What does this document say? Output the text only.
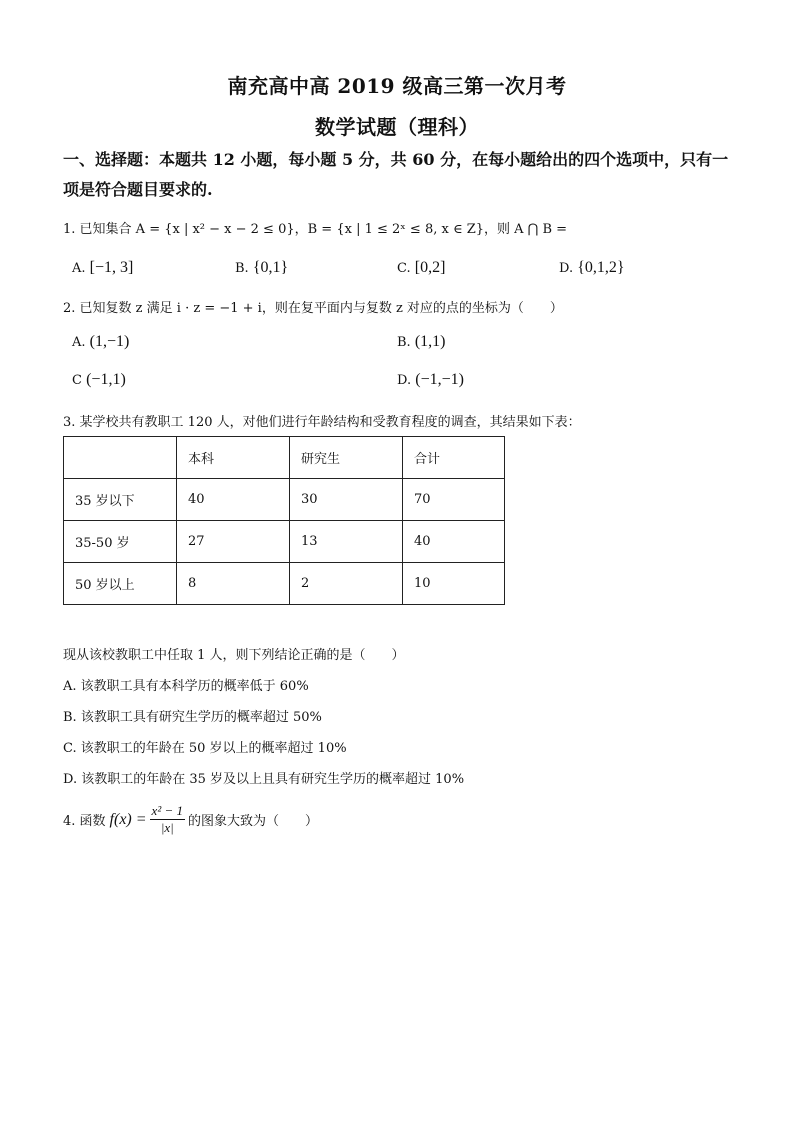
南充高中高 2019 级高三第一次月考
数学试题（理科）
一、选择题：本题共 12 小题，每小题 5 分，共 60 分，在每小题给出的四个选项中，只有一项是符合题目要求的.
1. 已知集合 A = {x | x² − x − 2 ≤ 0}，B = {x | 1 ≤ 2ˣ ≤ 8, x ∈ Z}，则 A ⋂ B =
A. [−1, 3]	B. {0,1}	C. [0,2]	D. {0,1,2}
2. 已知复数 z 满足 i · z = −1 + i，则在复平面内与复数 z 对应的点的坐标为（　　）
A. (1,−1)	B. (1,1)
C (−1,1)	D. (−1,−1)
3. 某学校共有教职工 120 人，对他们进行年龄结构和受教育程度的调查，其结果如下表：
	本科	研究生	合计
35 岁以下	40	30	70
35-50 岁	27	13	40
50 岁以上	8	2	10
现从该校教职工中任取 1 人，则下列结论正确的是（　　）
A. 该教职工具有本科学历的概率低于 60%
B. 该教职工具有研究生学历的概率超过 50%
C. 该教职工的年龄在 50 岁以上的概率超过 10%
D. 该教职工的年龄在 35 岁及以上且具有研究生学历的概率超过 10%
4. 函数 $f(x) = \frac{\text{x² − 1}}{|x|}$ 的图象大致为（　　）
